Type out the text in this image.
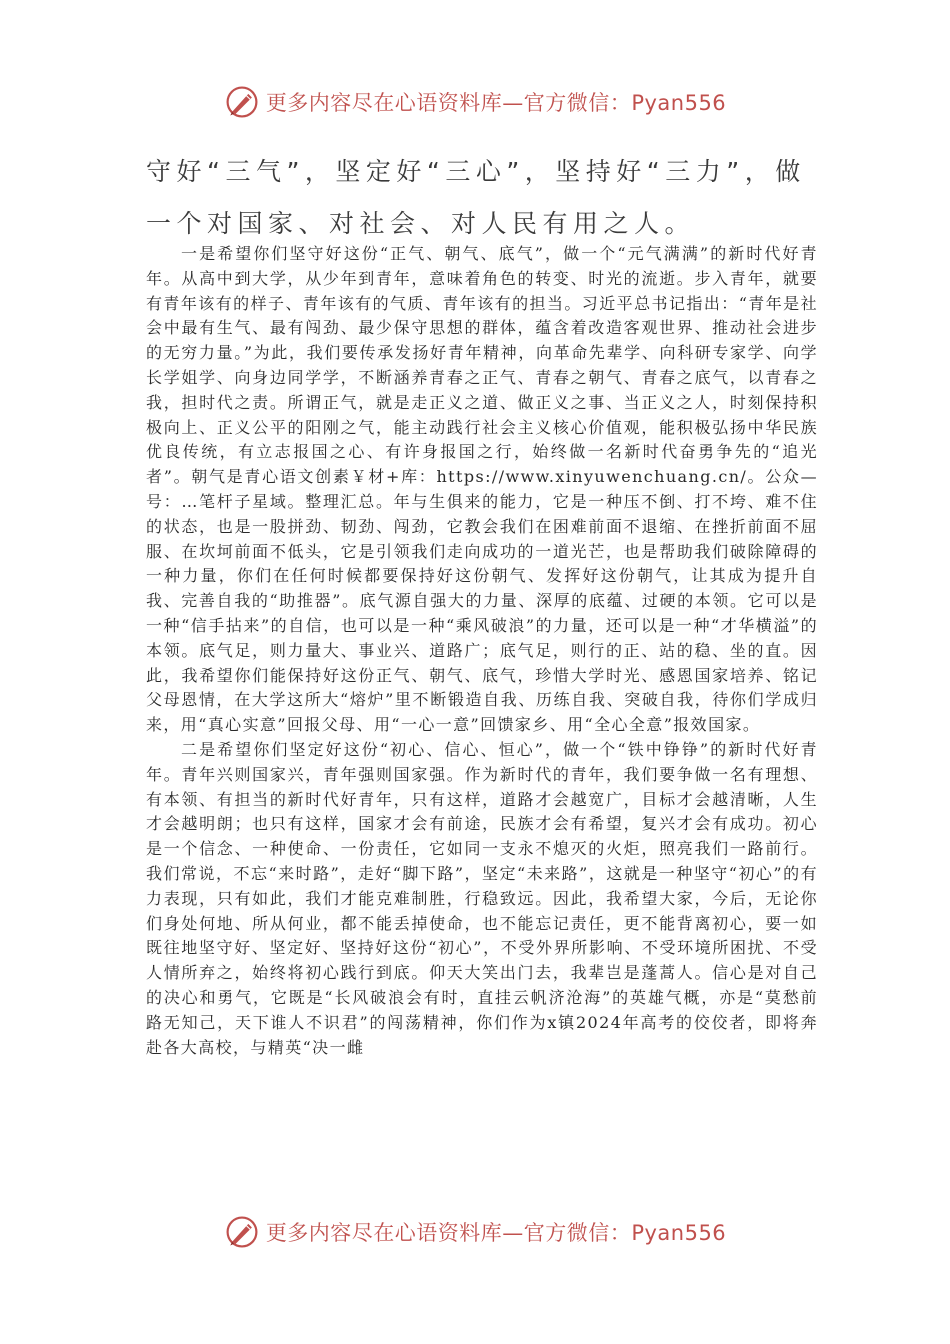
更多内容尽在心语资料库—官方微信：Pyan556
守好“三气”，坚定好“三心”，坚持好“三力”，做一个对国家、对社会、对人民有用之人。

一是希望你们坚守好这份“正气、朝气、底气”，做一个“元气满满”的新时代好青年。从高中到大学，从少年到青年，意味着角色的转变、时光的流逝。步入青年，就要有青年该有的样子、青年该有的气质、青年该有的担当。习近平总书记指出：“青年是社会中最有生气、最有闯劲、最少保守思想的群体，蕴含着改造客观世界、推动社会进步的无穷力量。”为此，我们要传承发扬好青年精神，向革命先辈学、向科研专家学、向学长学姐学、向身边同学学，不断涵养青春之正气、青春之朝气、青春之底气，以青春之我，担时代之责。所谓正气，就是走正义之道、做正义之事、当正义之人，时刻保持积极向上、正义公平的阳刚之气，能主动践行社会主义核心价值观，能积极弘扬中华民族优良传统，有立志报国之心、有许身报国之行，始终做一名新时代奋勇争先的“追光者”。朝气是青心语文创素￥材+库：https://www.xinyuwenchuang.cn/。公众—号：…笔杆子星域。整理汇总。年与生俱来的能力，它是一种压不倒、打不垮、难不住的状态，也是一股拼劲、韧劲、闯劲，它教会我们在困难前面不退缩、在挫折前面不屈服、在坎坷前面不低头，它是引领我们走向成功的一道光芒，也是帮助我们破除障碍的一种力量，你们在任何时候都要保持好这份朝气、发挥好这份朝气，让其成为提升自我、完善自我的“助推器”。底气源自强大的力量、深厚的底蕴、过硬的本领。它可以是一种“信手拈来”的自信，也可以是一种“乘风破浪”的力量，还可以是一种“才华横溢”的本领。底气足，则力量大、事业兴、道路广；底气足，则行的正、站的稳、坐的直。因此，我希望你们能保持好这份正气、朝气、底气，珍惜大学时光、感恩国家培养、铭记父母恩情，在大学这所大“熔炉”里不断锻造自我、历练自我、突破自我，待你们学成归来，用“真心实意”回报父母、用“一心一意”回馈家乡、用“全心全意”报效国家。

二是希望你们坚定好这份“初心、信心、恒心”，做一个“铁中铮铮”的新时代好青年。青年兴则国家兴，青年强则国家强。作为新时代的青年，我们要争做一名有理想、有本领、有担当的新时代好青年，只有这样，道路才会越宽广，目标才会越清晰，人生才会越明朗；也只有这样，国家才会有前途，民族才会有希望，复兴才会有成功。初心是一个信念、一种使命、一份责任，它如同一支永不熄灭的火炬，照亮我们一路前行。我们常说，不忘“来时路”，走好“脚下路”，坚定“未来路”，这就是一种坚守“初心”的有力表现，只有如此，我们才能克难制胜，行稳致远。因此，我希望大家，今后，无论你们身处何地、所从何业，都不能丢掉使命，也不能忘记责任，更不能背离初心，要一如既往地坚守好、坚定好、坚持好这份“初心”，不受外界所影响、不受环境所困扰、不受人情所弃之，始终将初心践行到底。仰天大笑出门去，我辈岂是蓬蒿人。信心是对自己的决心和勇气，它既是“长风破浪会有时，直挂云帆济沧海”的英雄气概，亦是“莫愁前路无知己，天下谁人不识君”的闯荡精神，你们作为x镇2024年高考的佼佼者，即将奔赴各大高校，与精英“决一雌

更多内容尽在心语资料库—官方微信：Pyan556
